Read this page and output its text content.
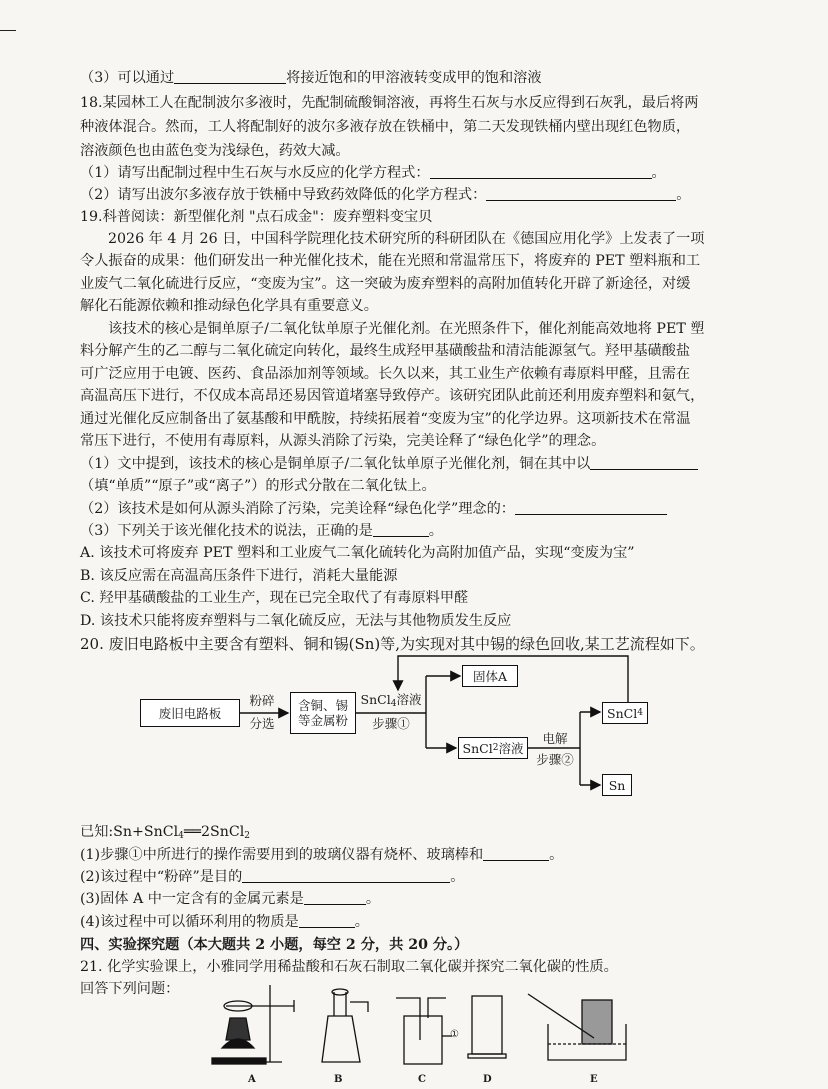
（3）可以通过	将接近饱和的甲溶液转变成甲的饱和溶液
18.某园林工人在配制波尔多液时，先配制硫酸铜溶液，再将生石灰与水反应得到石灰乳，最后将两
种液体混合。然而，工人将配制好的波尔多液存放在铁桶中，第二天发现铁桶内壁出现红色物质，
溶液颜色也由蓝色变为浅绿色，药效大减。
（1）请写出配制过程中生石灰与水反应的化学方程式：	。
（2）请写出波尔多液存放于铁桶中导致药效降低的化学方程式：	。
19.科普阅读：新型催化剂 "点石成金"：废弃塑料变宝贝
2026 年 4 月 26 日，中国科学院理化技术研究所的科研团队在《德国应用化学》上发表了一项
令人振奋的成果：他们研发出一种光催化技术，能在光照和常温常压下，将废弃的 PET 塑料瓶和工
业废气二氧化硫进行反应，“变废为宝”。这一突破为废弃塑料的高附加值转化开辟了新途径，对缓
解化石能源依赖和推动绿色化学具有重要意义。
该技术的核心是铜单原子/二氧化钛单原子光催化剂。在光照条件下，催化剂能高效地将 PET 塑
料分解产生的乙二醇与二氧化硫定向转化，最终生成羟甲基磺酸盐和清洁能源氢气。羟甲基磺酸盐
可广泛应用于电镀、医药、食品添加剂等领域。长久以来，其工业生产依赖有毒原料甲醛，且需在
高温高压下进行，不仅成本高昂还易因管道堵塞导致停产。该研究团队此前还利用废弃塑料和氨气，
通过光催化反应制备出了氨基酸和甲酰胺，持续拓展着“变废为宝”的化学边界。这项新技术在常温
常压下进行，不使用有毒原料，从源头消除了污染，完美诠释了“绿色化学”的理念。
（1）文中提到，该技术的核心是铜单原子/二氧化钛单原子光催化剂，铜在其中以
（填“单质”“原子”或“离子”）的形式分散在二氧化钛上。
（2）该技术是如何从源头消除了污染，完美诠释“绿色化学”理念的：
（3）下列关于该光催化技术的说法，正确的是	。
A. 该技术可将废弃 PET 塑料和工业废气二氧化硫转化为高附加值产品，实现“变废为宝”
B. 该反应需在高温高压条件下进行，消耗大量能源
C. 羟甲基磺酸盐的工业生产，现在已完全取代了有毒原料甲醛
D. 该技术只能将废弃塑料与二氧化硫反应，无法与其他物质发生反应
20. 废旧电路板中主要含有塑料、铜和锡(Sn)等,为实现对其中锡的绿色回收,某工艺流程如下。
已知:Sn+SnCl$_4$══2SnCl$_2$
(1)步骤①中所进行的操作需要用到的玻璃仪器有烧杯、玻璃棒和	。
(2)该过程中“粉碎”是目的	。
(3)固体 A 中一定含有的金属元素是	。
(4)该过程中可以循环利用的物质是	。
四、实验探究题（本大题共 2 小题，每空 2 分，共 20 分。）
21. 化学实验课上，小雅同学用稀盐酸和石灰石制取二氧化碳并探究二氧化碳的性质。
回答下列问题：
废旧电路板
粉碎
分选
含铜、锡
等金属粉
SnCl$_4$溶液
步骤①
固体A
SnCl 2 溶液
电解
步骤②
SnCl 4
Sn
A	B	C	D	E
①
